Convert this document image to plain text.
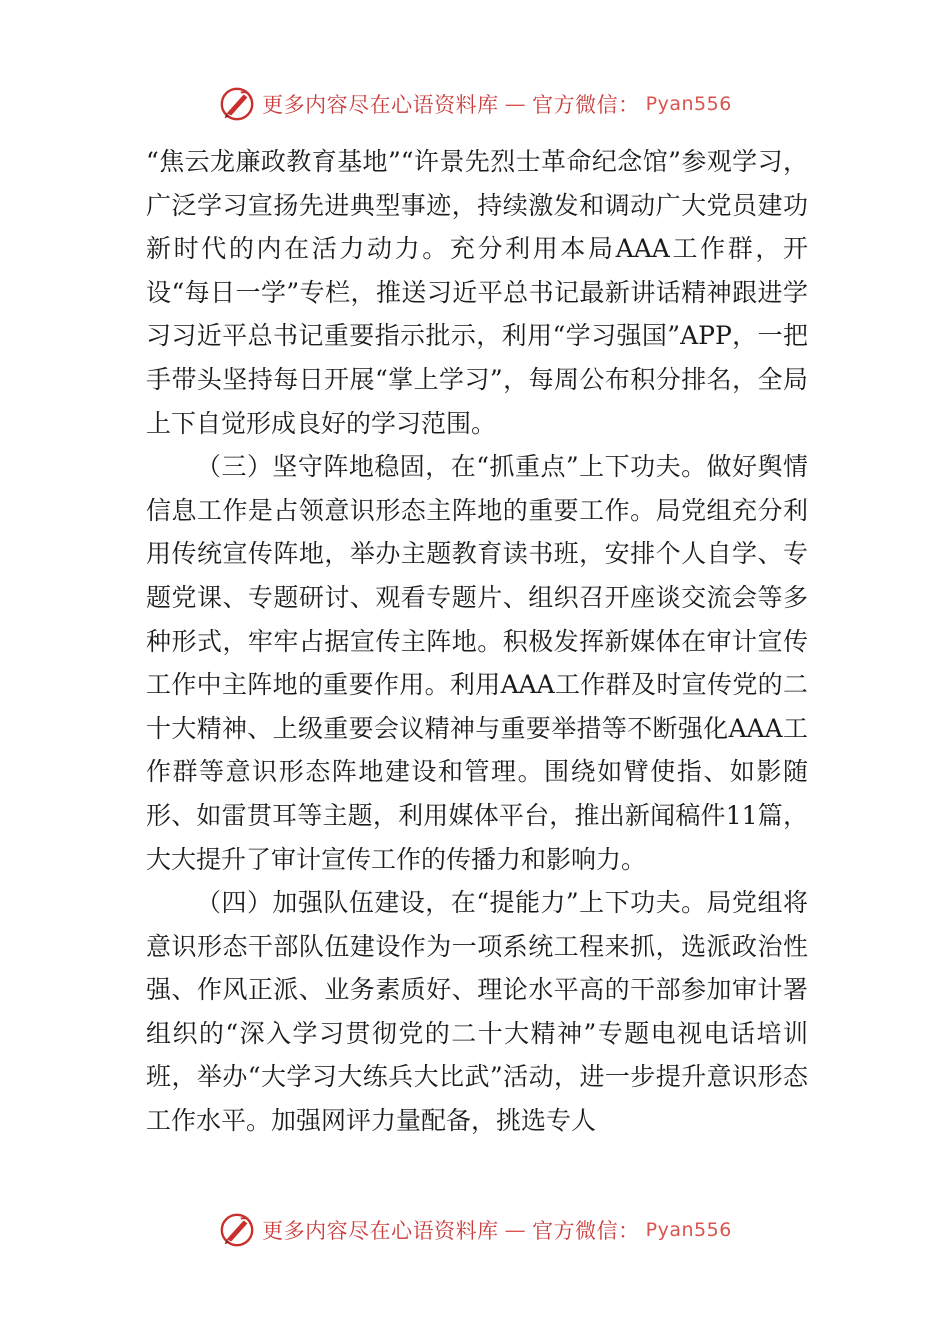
更多内容尽在心语资料库 — 官方微信： Pyan556

“焦云龙廉政教育基地”“许景先烈士革命纪念馆”参观学习，广泛学习宣扬先进典型事迹，持续激发和调动广大党员建功新时代的内在活力动力。充分利用本局AAA工作群，开设“每日一学”专栏，推送习近平总书记最新讲话精神跟进学习习近平总书记重要指示批示，利用“学习强国”APP，一把手带头坚持每日开展“掌上学习”，每周公布积分排名，全局上下自觉形成良好的学习范围。

（三）坚守阵地稳固，在“抓重点”上下功夫。做好舆情信息工作是占领意识形态主阵地的重要工作。局党组充分利用传统宣传阵地，举办主题教育读书班，安排个人自学、专题党课、专题研讨、观看专题片、组织召开座谈交流会等多种形式，牢牢占据宣传主阵地。积极发挥新媒体在审计宣传工作中主阵地的重要作用。利用AAA工作群及时宣传党的二十大精神、上级重要会议精神与重要举措等不断强化AAA工作群等意识形态阵地建设和管理。围绕如臂使指、如影随形、如雷贯耳等主题，利用媒体平台，推出新闻稿件11篇，大大提升了审计宣传工作的传播力和影响力。

（四）加强队伍建设，在“提能力”上下功夫。局党组将意识形态干部队伍建设作为一项系统工程来抓，选派政治性强、作风正派、业务素质好、理论水平高的干部参加审计署组织的“深入学习贯彻党的二十大精神”专题电视电话培训班，举办“大学习大练兵大比武”活动，进一步提升意识形态工作水平。加强网评力量配备，挑选专人

更多内容尽在心语资料库 — 官方微信： Pyan556
